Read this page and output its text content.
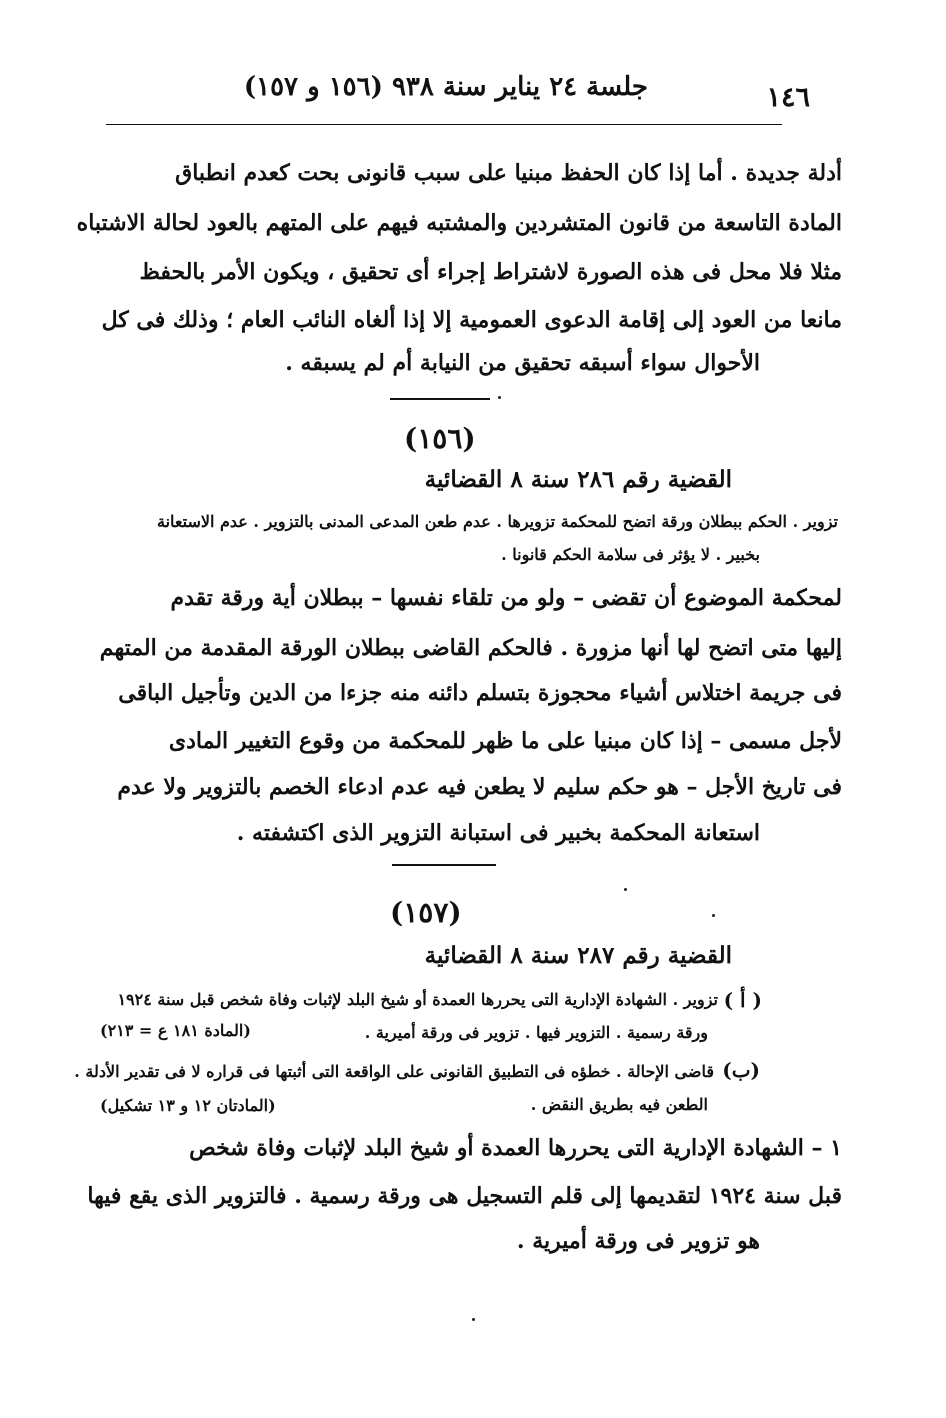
١٤٦
جلسة ٢٤ يناير سنة ٩٣٨ (١٥٦ و ١٥٧)
أدلة جديدة . أما إذا كان الحفظ مبنيا على سبب قانونى بحت كعدم انطباق
المادة التاسعة من قانون المتشردين والمشتبه فيهم على المتهم بالعود لحالة الاشتباه
مثلا فلا محل فى هذه الصورة لاشتراط إجراء أى تحقيق ، ويكون الأمر بالحفظ
مانعا من العود إلى إقامة الدعوى العمومية إلا إذا ألغاه النائب العام ؛ وذلك فى كل
الأحوال سواء أسبقه تحقيق من النيابة أم لم يسبقه .
(١٥٦)
القضية رقم ٢٨٦ سنة ٨ القضائية
تزوير . الحكم ببطلان ورقة اتضح للمحكمة تزويرها . عدم طعن المدعى المدنى بالتزوير . عدم الاستعانة
بخبير . لا يؤثر فى سلامة الحكم قانونا .
لمحكمة الموضوع أن تقضى – ولو من تلقاء نفسها – ببطلان أية ورقة تقدم
إليها متى اتضح لها أنها مزورة . فالحكم القاضى ببطلان الورقة المقدمة من المتهم
فى جريمة اختلاس أشياء محجوزة بتسلم دائنه منه جزءا من الدين وتأجيل الباقى
لأجل مسمى – إذا كان مبنيا على ما ظهر للمحكمة من وقوع التغيير المادى
فى تاريخ الأجل – هو حكم سليم لا يطعن فيه عدم ادعاء الخصم بالتزوير ولا عدم
استعانة المحكمة بخبير فى استبانة التزوير الذى اكتشفته .
(١٥٧)
القضية رقم ٢٨٧ سنة ٨ القضائية
( أ )
تزوير . الشهادة الإدارية التى يحررها العمدة أو شيخ البلد لإثبات وفاة شخص قبل سنة ١٩٢٤
ورقة رسمية . التزوير فيها . تزوير فى ورقة أميرية .
(المادة ١٨١ ع = ٢١٣)
(ب)
قاضى الإحالة . خطؤه فى التطبيق القانونى على الواقعة التى أثبتها فى قراره لا فى تقدير الأدلة .
الطعن فيه بطريق النقض .
(المادتان ١٢ و ١٣ تشكيل)
١ – الشهادة الإدارية التى يحررها العمدة أو شيخ البلد لإثبات وفاة شخص
قبل سنة ١٩٢٤ لتقديمها إلى قلم التسجيل هى ورقة رسمية . فالتزوير الذى يقع فيها
هو تزوير فى ورقة أميرية .
